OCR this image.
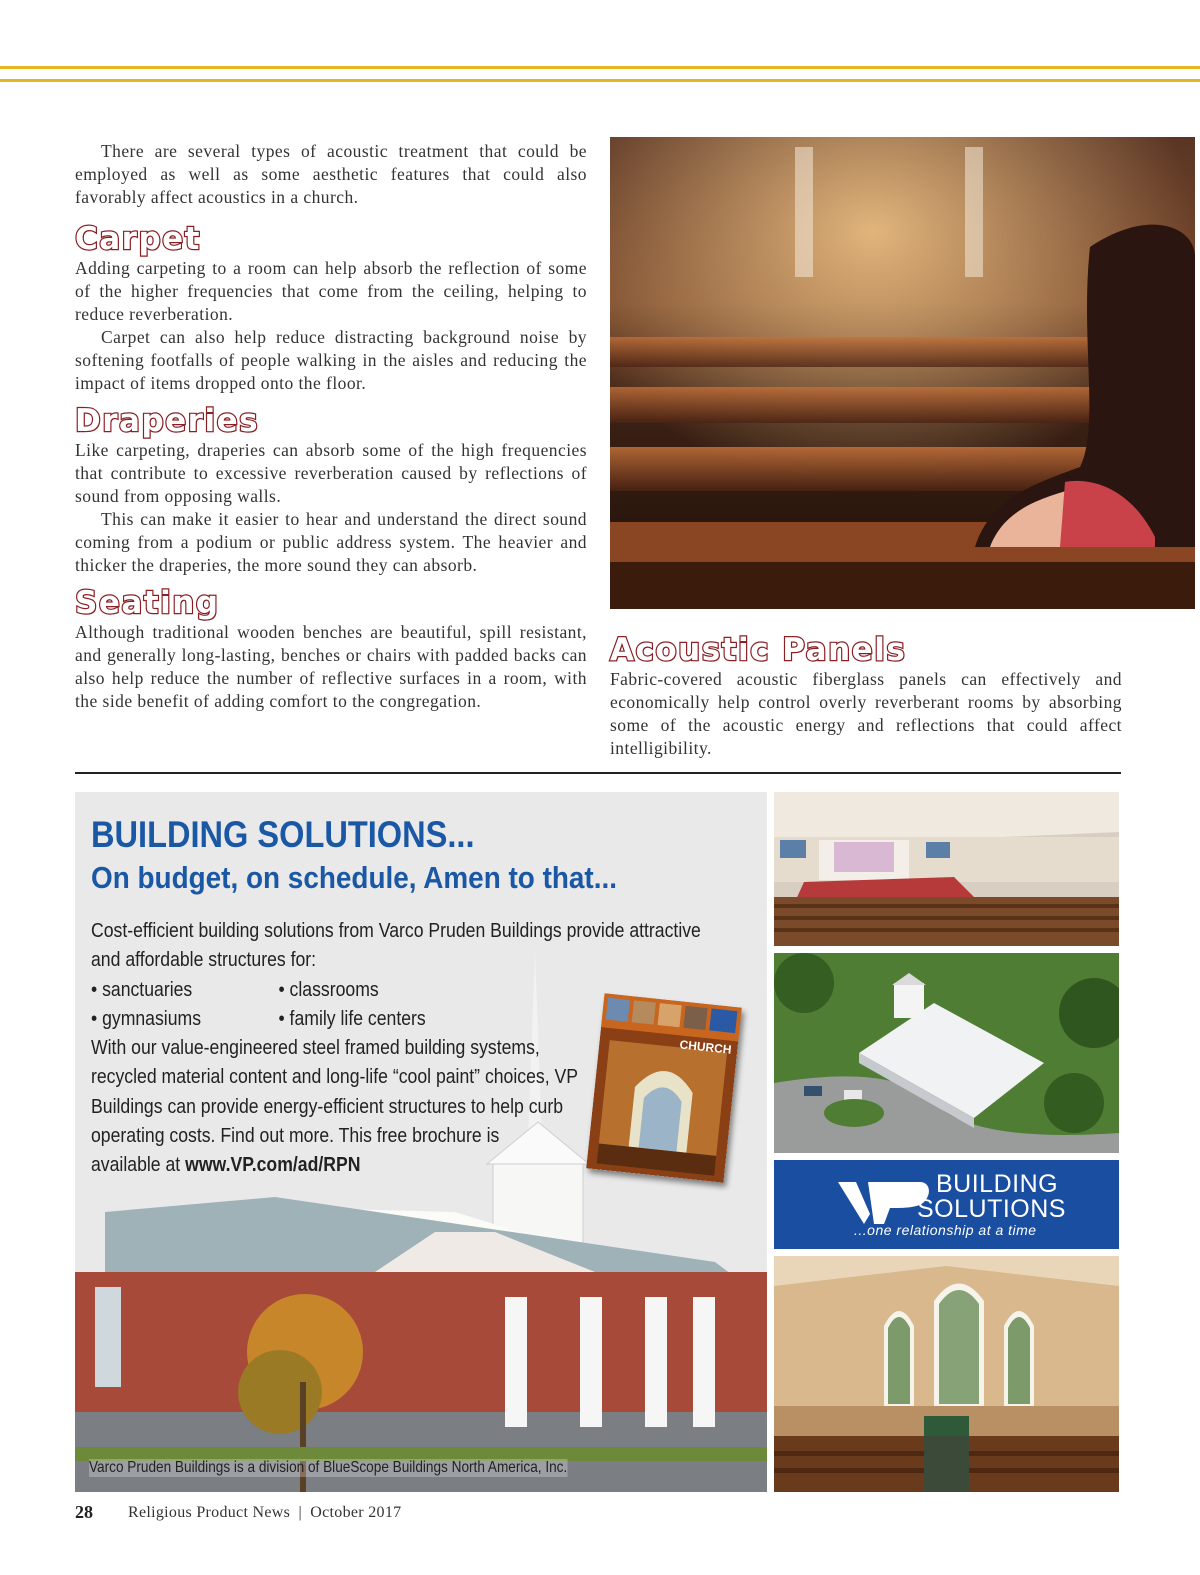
There are several types of acoustic treatment that could be employed as well as some aesthetic features that could also favorably affect acoustics in a church.

Carpet

Adding carpeting to a room can help absorb the reflection of some of the higher frequencies that come from the ceiling, helping to reduce reverberation.

Carpet can also help reduce distracting background noise by softening footfalls of people walking in the aisles and reducing the impact of items dropped onto the floor.

Draperies

Like carpeting, draperies can absorb some of the high frequencies that contribute to excessive reverberation caused by reflections of sound from opposing walls.

This can make it easier to hear and understand the direct sound coming from a podium or public address system. The heavier and thicker the draperies, the more sound they can absorb.

Seating

Although traditional wooden benches are beautiful, spill resistant, and generally long-lasting, benches or chairs with padded backs can also help reduce the number of reflective surfaces in a room, with the side benefit of adding comfort to the congregation.

Acoustic Panels

Fabric-covered acoustic fiberglass panels can effectively and economically help control overly reverberant rooms by absorbing some of the acoustic energy and reflections that could affect intelligibility.

BUILDING SOLUTIONS...
On budget, on schedule, Amen to that...
Cost-efficient building solutions from Varco Pruden Buildings provide attractive and affordable structures for:
• sanctuaries	• classrooms
• gymnasiums	• family life centers
With our value-engineered steel framed building systems, recycled material content and long-life “cool paint” choices, VP Buildings can provide energy-efficient structures to help curb operating costs. Find out more. This free brochure is
available at www.VP.com/ad/RPN
CHURCH
Varco Pruden Buildings is a division of BlueScope Buildings North America, Inc.
BUILDING
SOLUTIONS
...one relationship at a time
28 Religious Product News | October 2017
